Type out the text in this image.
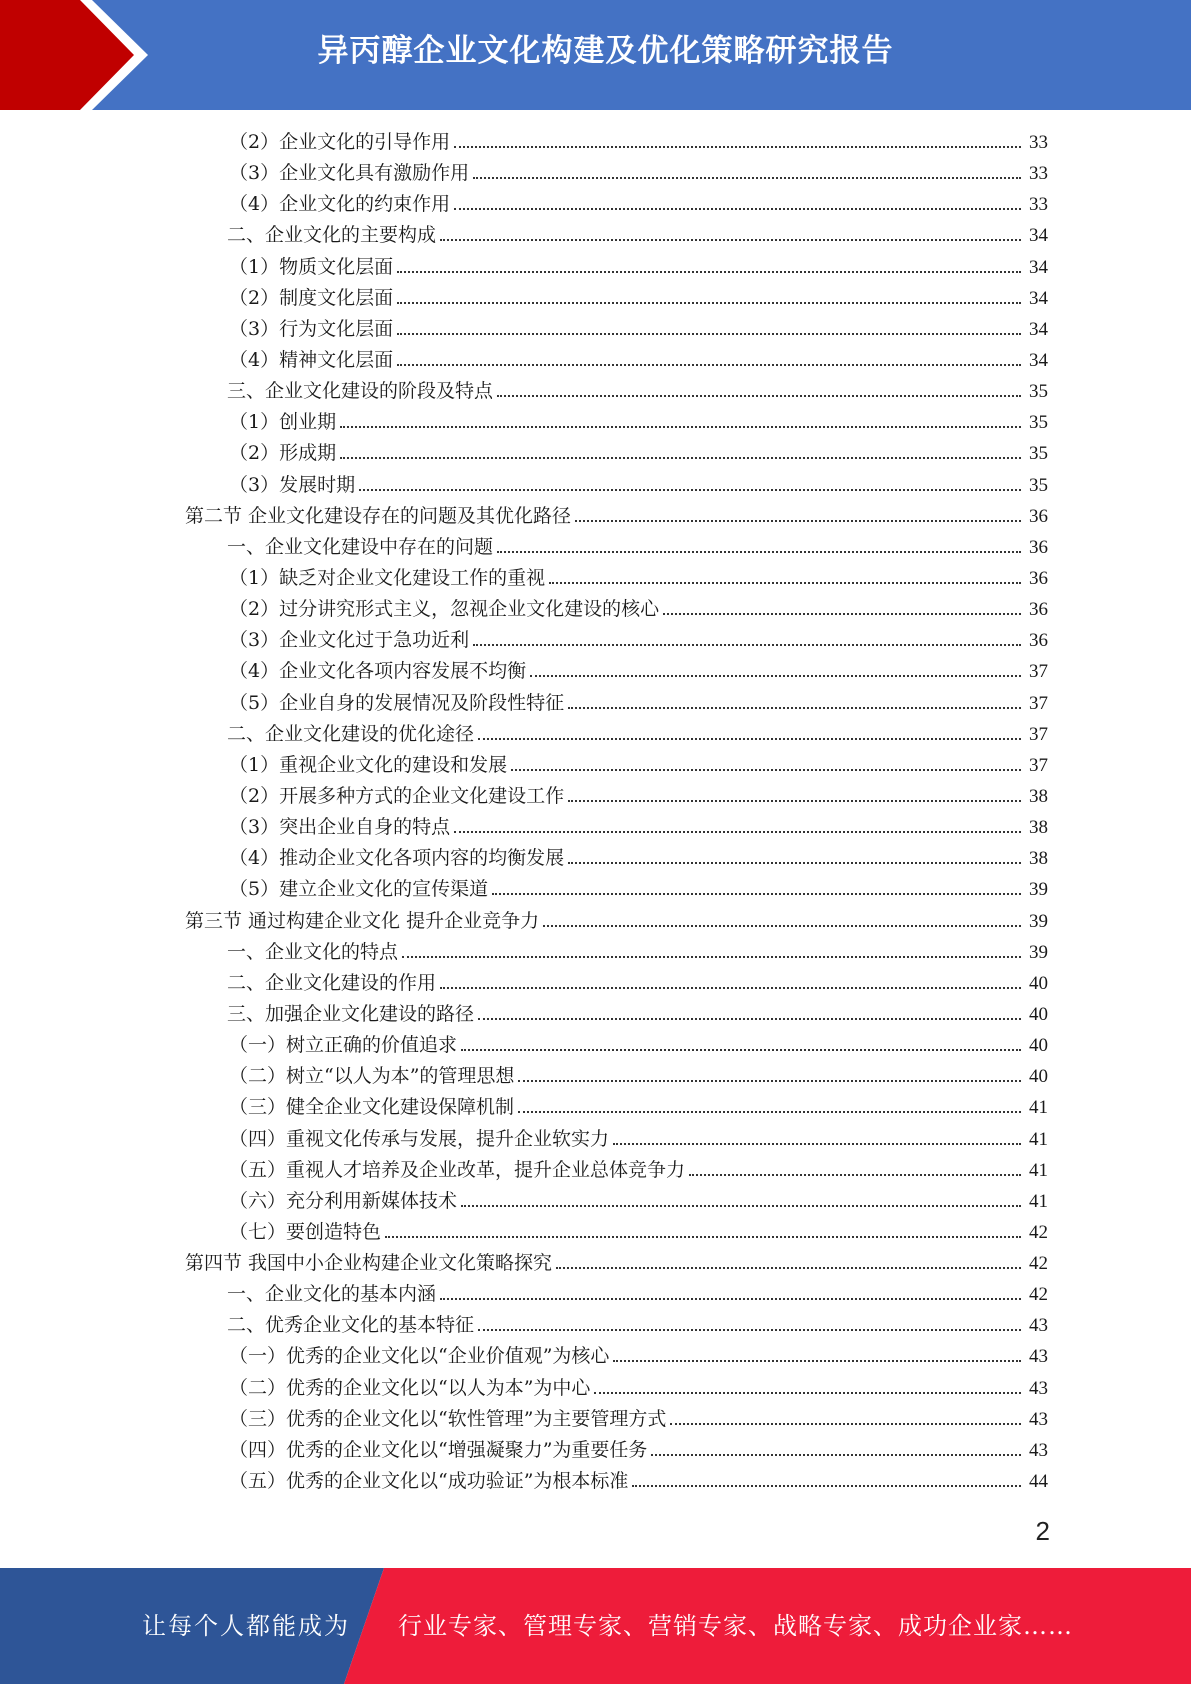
异丙醇企业文化构建及优化策略研究报告
（2）企业文化的引导作用	33
（3）企业文化具有激励作用	33
（4）企业文化的约束作用	33
二、企业文化的主要构成	34
（1）物质文化层面	34
（2）制度文化层面	34
（3）行为文化层面	34
（4）精神文化层面	34
三、企业文化建设的阶段及特点	35
（1）创业期	35
（2）形成期	35
（3）发展时期	35
第二节 企业文化建设存在的问题及其优化路径	36
一、企业文化建设中存在的问题	36
（1）缺乏对企业文化建设工作的重视	36
（2）过分讲究形式主义，忽视企业文化建设的核心	36
（3）企业文化过于急功近利	36
（4）企业文化各项内容发展不均衡	37
（5）企业自身的发展情况及阶段性特征	37
二、企业文化建设的优化途径	37
（1）重视企业文化的建设和发展	37
（2）开展多种方式的企业文化建设工作	38
（3）突出企业自身的特点	38
（4）推动企业文化各项内容的均衡发展	38
（5）建立企业文化的宣传渠道	39
第三节 通过构建企业文化 提升企业竞争力	39
一、企业文化的特点	39
二、企业文化建设的作用	40
三、加强企业文化建设的路径	40
（一）树立正确的价值追求	40
（二）树立“以人为本”的管理思想	40
（三）健全企业文化建设保障机制	41
（四）重视文化传承与发展，提升企业软实力	41
（五）重视人才培养及企业改革，提升企业总体竞争力	41
（六）充分利用新媒体技术	41
（七）要创造特色	42
第四节 我国中小企业构建企业文化策略探究	42
一、企业文化的基本内涵	42
二、优秀企业文化的基本特征	43
（一）优秀的企业文化以“企业价值观”为核心	43
（二）优秀的企业文化以“以人为本”为中心	43
（三）优秀的企业文化以“软性管理”为主要管理方式	43
（四）优秀的企业文化以“增强凝聚力”为重要任务	43
（五）优秀的企业文化以“成功验证”为根本标准	44
2
让每个人都能成为 行业专家、管理专家、营销专家、战略专家、成功企业家……
